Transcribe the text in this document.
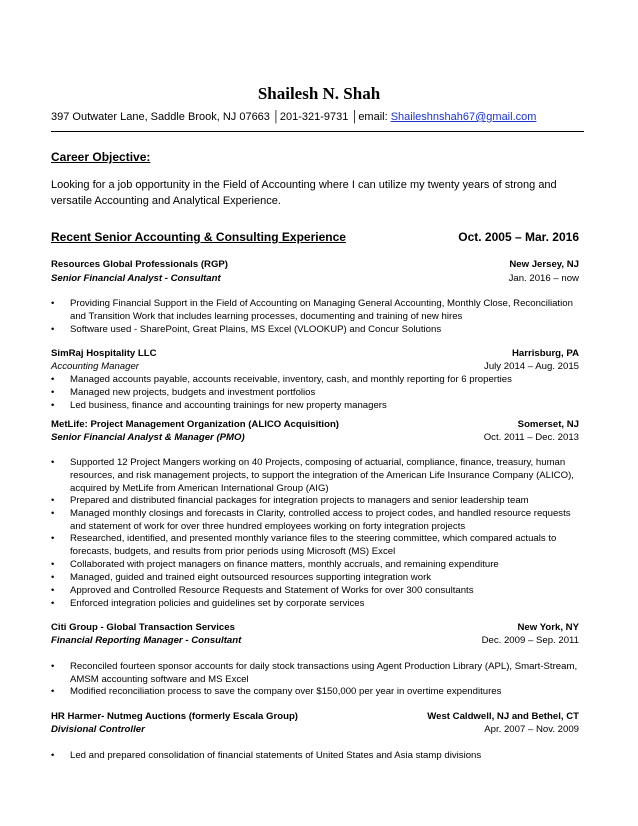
Shailesh N. Shah
397 Outwater Lane, Saddle Brook, NJ 07663 │201-321-9731 │email: Shaileshnshah67@gmail.com
Career Objective:
Looking for a job opportunity in the Field of Accounting where I can utilize my twenty years of strong and versatile Accounting and Analytical Experience.
Recent Senior Accounting & Consulting Experience	Oct. 2005 – Mar. 2016
Resources Global Professionals (RGP)	New Jersey, NJ
Senior Financial Analyst - Consultant	Jan. 2016 – now
• Providing Financial Support in the Field of Accounting on Managing General Accounting, Monthly Close, Reconciliation and Transition Work that includes learning processes, documenting and training of new hires
• Software used - SharePoint, Great Plains, MS Excel (VLOOKUP) and Concur Solutions
SimRaj Hospitality LLC	Harrisburg, PA
Accounting Manager	July 2014 – Aug. 2015
• Managed accounts payable, accounts receivable, inventory, cash, and monthly reporting for 6 properties
• Managed new projects, budgets and investment portfolios
• Led business, finance and accounting trainings for new property managers
MetLife: Project Management Organization (ALICO Acquisition)	Somerset, NJ
Senior Financial Analyst & Manager (PMO)	Oct. 2011 – Dec. 2013
• Supported 12 Project Mangers working on 40 Projects, composing of actuarial, compliance, finance, treasury, human resources, and risk management projects, to support the integration of the American Life Insurance Company (ALICO), acquired by MetLife from American International Group (AIG)
• Prepared and distributed financial packages for integration projects to managers and senior leadership team
• Managed monthly closings and forecasts in Clarity, controlled access to project codes, and handled resource requests and statement of work for over three hundred employees working on forty integration projects
• Researched, identified, and presented monthly variance files to the steering committee, which compared actuals to forecasts, budgets, and results from prior periods using Microsoft (MS) Excel
• Collaborated with project managers on finance matters, monthly accruals, and remaining expenditure
• Managed, guided and trained eight outsourced resources supporting integration work
• Approved and Controlled Resource Requests and Statement of Works for over 300 consultants
• Enforced integration policies and guidelines set by corporate services
Citi Group - Global Transaction Services	New York, NY
Financial Reporting Manager - Consultant	Dec. 2009 – Sep. 2011
• Reconciled fourteen sponsor accounts for daily stock transactions using Agent Production Library (APL), Smart-Stream, AMSM accounting software and MS Excel
• Modified reconciliation process to save the company over $150,000 per year in overtime expenditures
HR Harmer- Nutmeg Auctions (formerly Escala Group)	West Caldwell, NJ and Bethel, CT
Divisional Controller	Apr. 2007 – Nov. 2009
• Led and prepared consolidation of financial statements of United States and Asia stamp divisions
